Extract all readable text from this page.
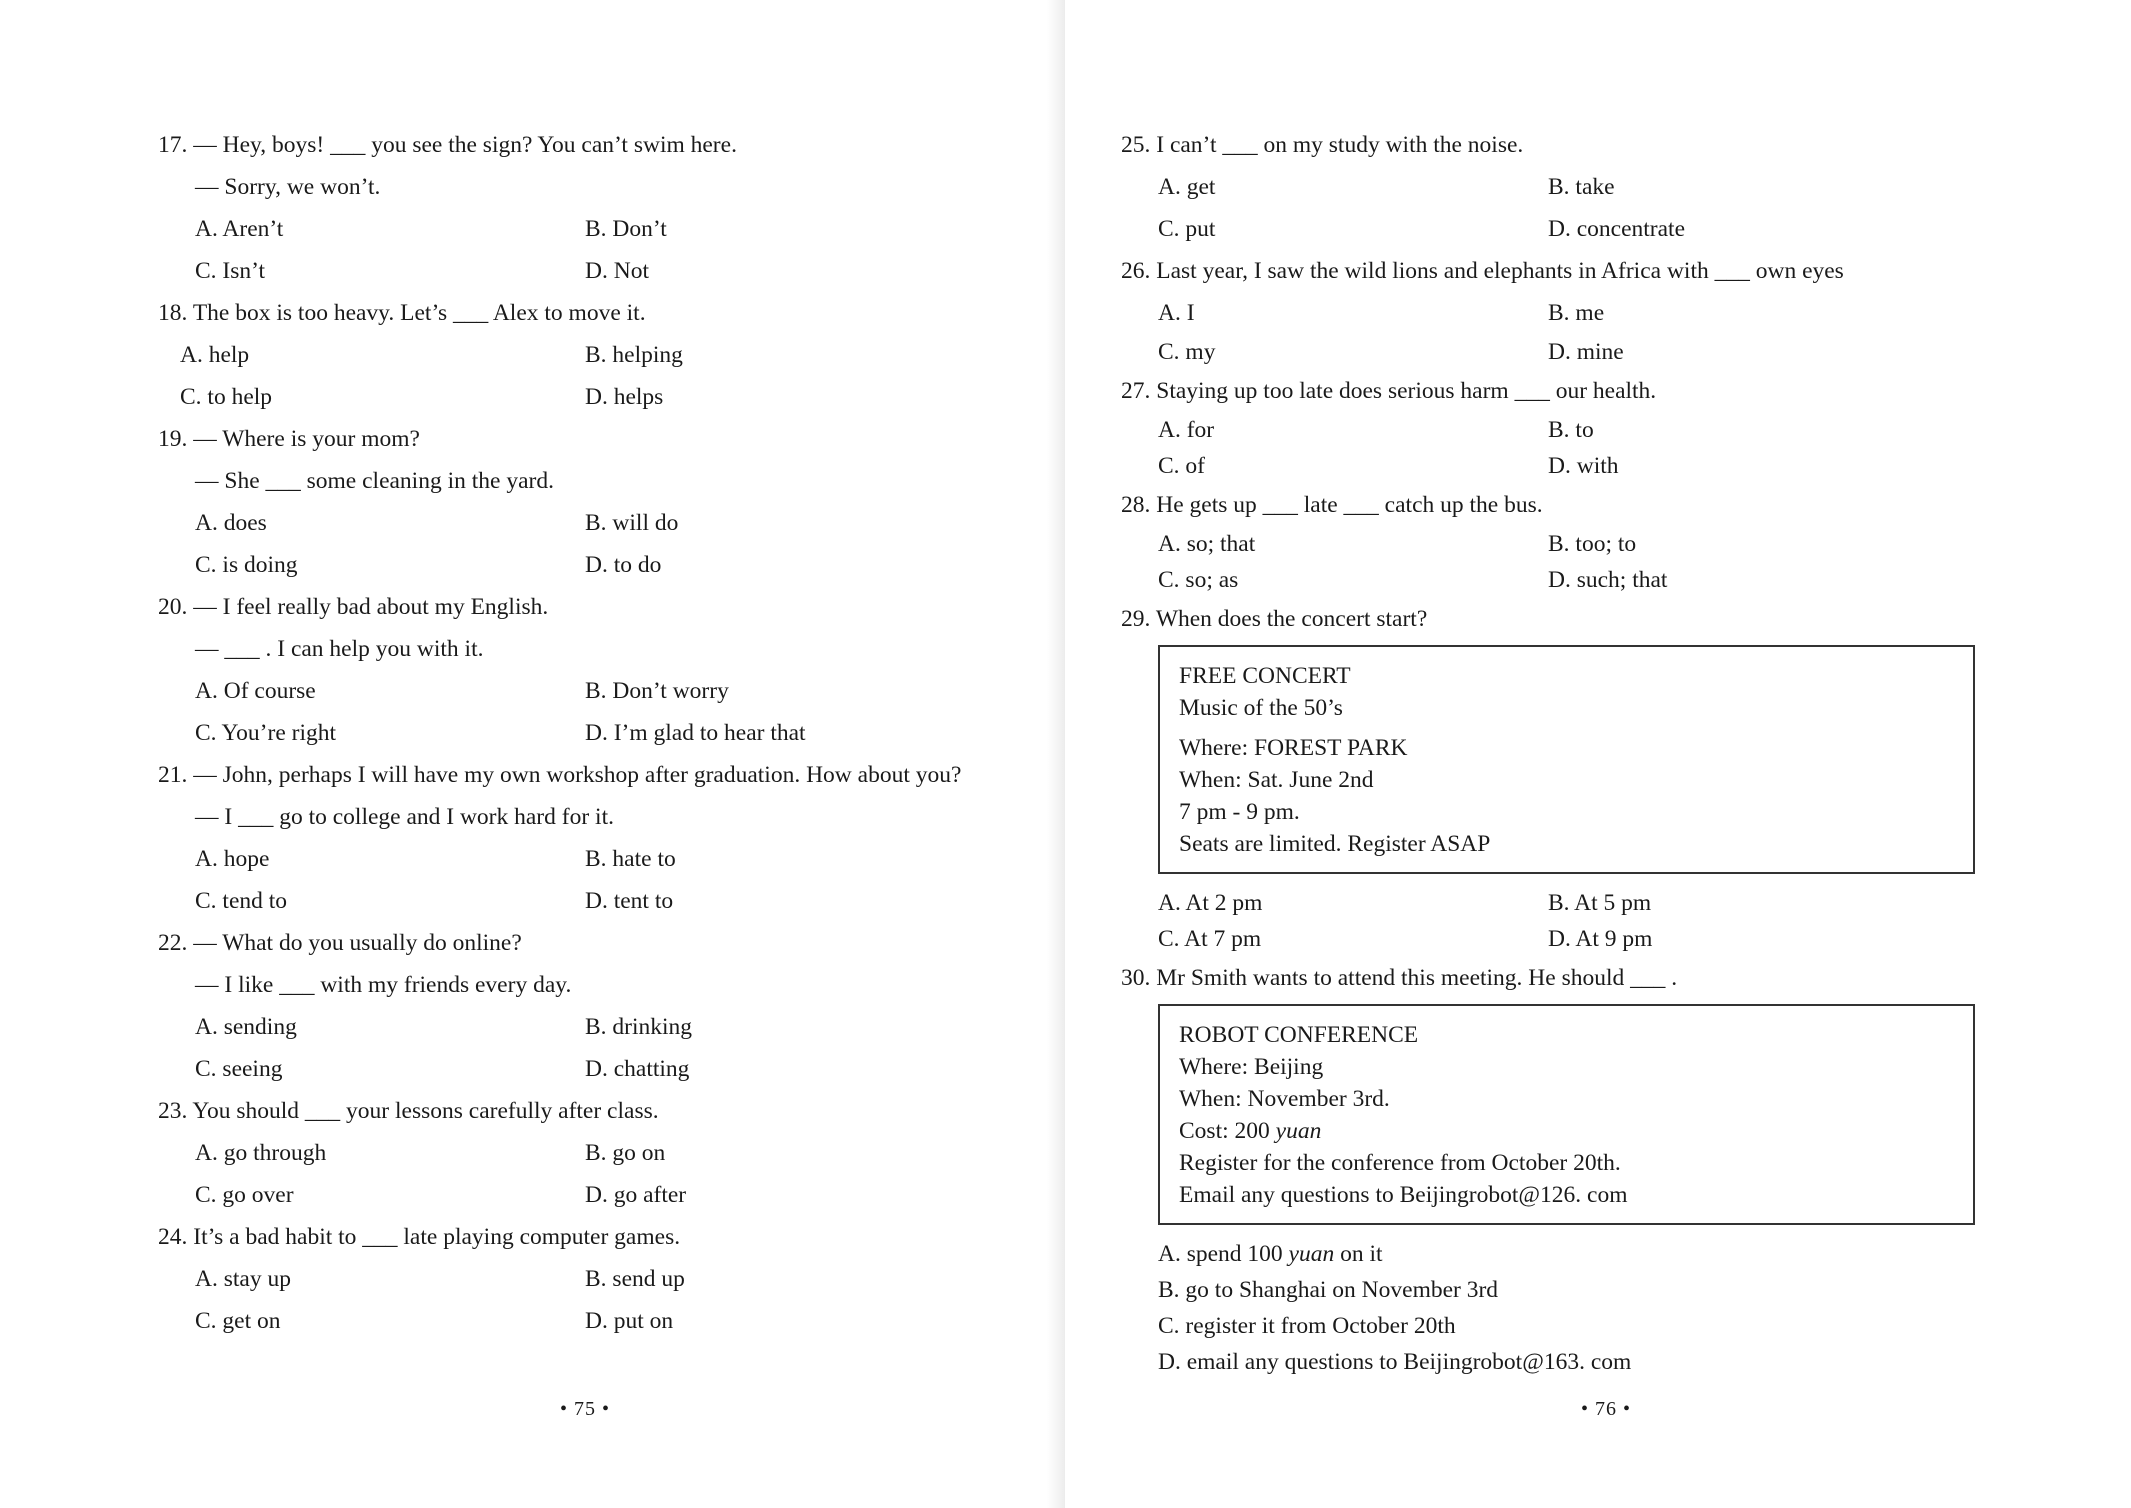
17. — Hey, boys! ___ you see the sign? You can’t swim here.
— Sorry, we won’t.
A. Aren’t	B. Don’t
C. Isn’t	D. Not
18. The box is too heavy. Let’s ___ Alex to move it.
A. help	B. helping
C. to help	D. helps
19. — Where is your mom?
— She ___ some cleaning in the yard.
A. does	B. will do
C. is doing	D. to do
20. — I feel really bad about my English.
— ___ . I can help you with it.
A. Of course	B. Don’t worry
C. You’re right	D. I’m glad to hear that
21. — John, perhaps I will have my own workshop after graduation. How about you?
— I ___ go to college and I work hard for it.
A. hope	B. hate to
C. tend to	D. tent to
22. — What do you usually do online?
— I like ___ with my friends every day.
A. sending	B. drinking
C. seeing	D. chatting
23. You should ___ your lessons carefully after class.
A. go through	B. go on
C. go over	D. go after
24. It’s a bad habit to ___ late playing computer games.
A. stay up	B. send up
C. get on	D. put on
• 75 •
25. I can’t ___ on my study with the noise.
A. get	B. take
C. put	D. concentrate
26. Last year, I saw the wild lions and elephants in Africa with ___ own eyes
A. I	B. me
C. my	D. mine
27. Staying up too late does serious harm ___ our health.
A. for	B. to
C. of	D. with
28. He gets up ___ late ___ catch up the bus.
A. so; that	B. too; to
C. so; as	D. such; that
29. When does the concert start?
FREE CONCERT
Music of the 50’s
Where: FOREST PARK
When: Sat. June 2nd
7 pm - 9 pm.
Seats are limited. Register ASAP
A. At 2 pm	B. At 5 pm
C. At 7 pm	D. At 9 pm
30. Mr Smith wants to attend this meeting. He should ___ .
ROBOT CONFERENCE
Where: Beijing
When: November 3rd.
Cost: 200 yuan
Register for the conference from October 20th.
Email any questions to Beijingrobot@126. com
A. spend 100 yuan on it
B. go to Shanghai on November 3rd
C. register it from October 20th
D. email any questions to Beijingrobot@163. com
• 76 •
